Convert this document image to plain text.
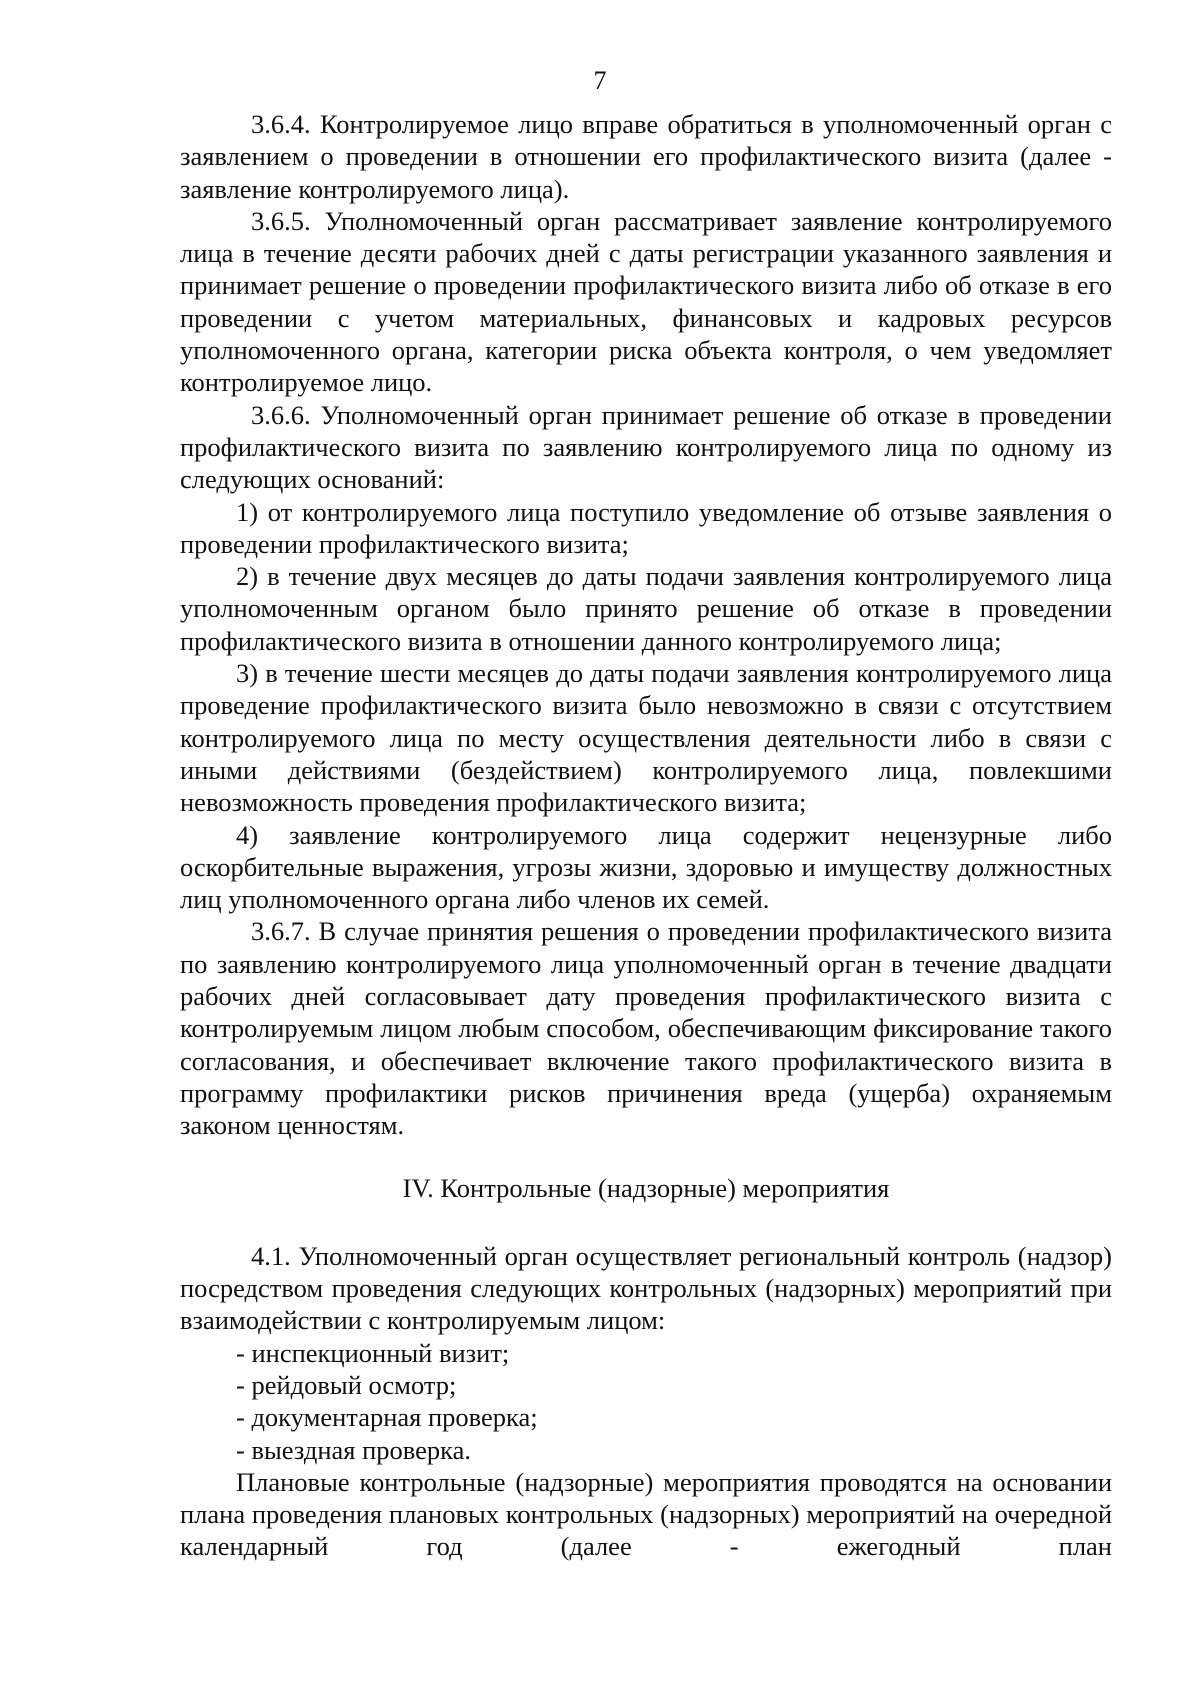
7

3.6.4. Контролируемое лицо вправе обратиться в уполномоченный орган с заявлением о проведении в отношении его профилактического визита (далее - заявление контролируемого лица).

3.6.5. Уполномоченный орган рассматривает заявление контролируемого лица в течение десяти рабочих дней с даты регистрации указанного заявления и принимает решение о проведении профилактического визита либо об отказе в его проведении с учетом материальных, финансовых и кадровых ресурсов уполномоченного органа, категории риска объекта контроля, о чем уведомляет контролируемое лицо.

3.6.6. Уполномоченный орган принимает решение об отказе в проведении профилактического визита по заявлению контролируемого лица по одному из следующих оснований:

1) от контролируемого лица поступило уведомление об отзыве заявления о проведении профилактического визита;

2) в течение двух месяцев до даты подачи заявления контролируемого лица уполномоченным органом было принято решение об отказе в проведении профилактического визита в отношении данного контролируемого лица;

3) в течение шести месяцев до даты подачи заявления контролируемого лица проведение профилактического визита было невозможно в связи с отсутствием контролируемого лица по месту осуществления деятельности либо в связи с иными действиями (бездействием) контролируемого лица, повлекшими невозможность проведения профилактического визита;

4) заявление контролируемого лица содержит нецензурные либо оскорбительные выражения, угрозы жизни, здоровью и имуществу должностных лиц уполномоченного органа либо членов их семей.

3.6.7. В случае принятия решения о проведении профилактического визита по заявлению контролируемого лица уполномоченный орган в течение двадцати рабочих дней согласовывает дату проведения профилактического визита с контролируемым лицом любым способом, обеспечивающим фиксирование такого согласования, и обеспечивает включение такого профилактического визита в программу профилактики рисков причинения вреда (ущерба) охраняемым законом ценностям.

IV. Контрольные (надзорные) мероприятия

4.1. Уполномоченный орган осуществляет региональный контроль (надзор) посредством проведения следующих контрольных (надзорных) мероприятий при взаимодействии с контролируемым лицом:

- инспекционный визит;

- рейдовый осмотр;

- документарная проверка;

- выездная проверка.

Плановые контрольные (надзорные) мероприятия проводятся на основании плана проведения плановых контрольных (надзорных) мероприятий на очередной календарный год (далее - ежегодный план
